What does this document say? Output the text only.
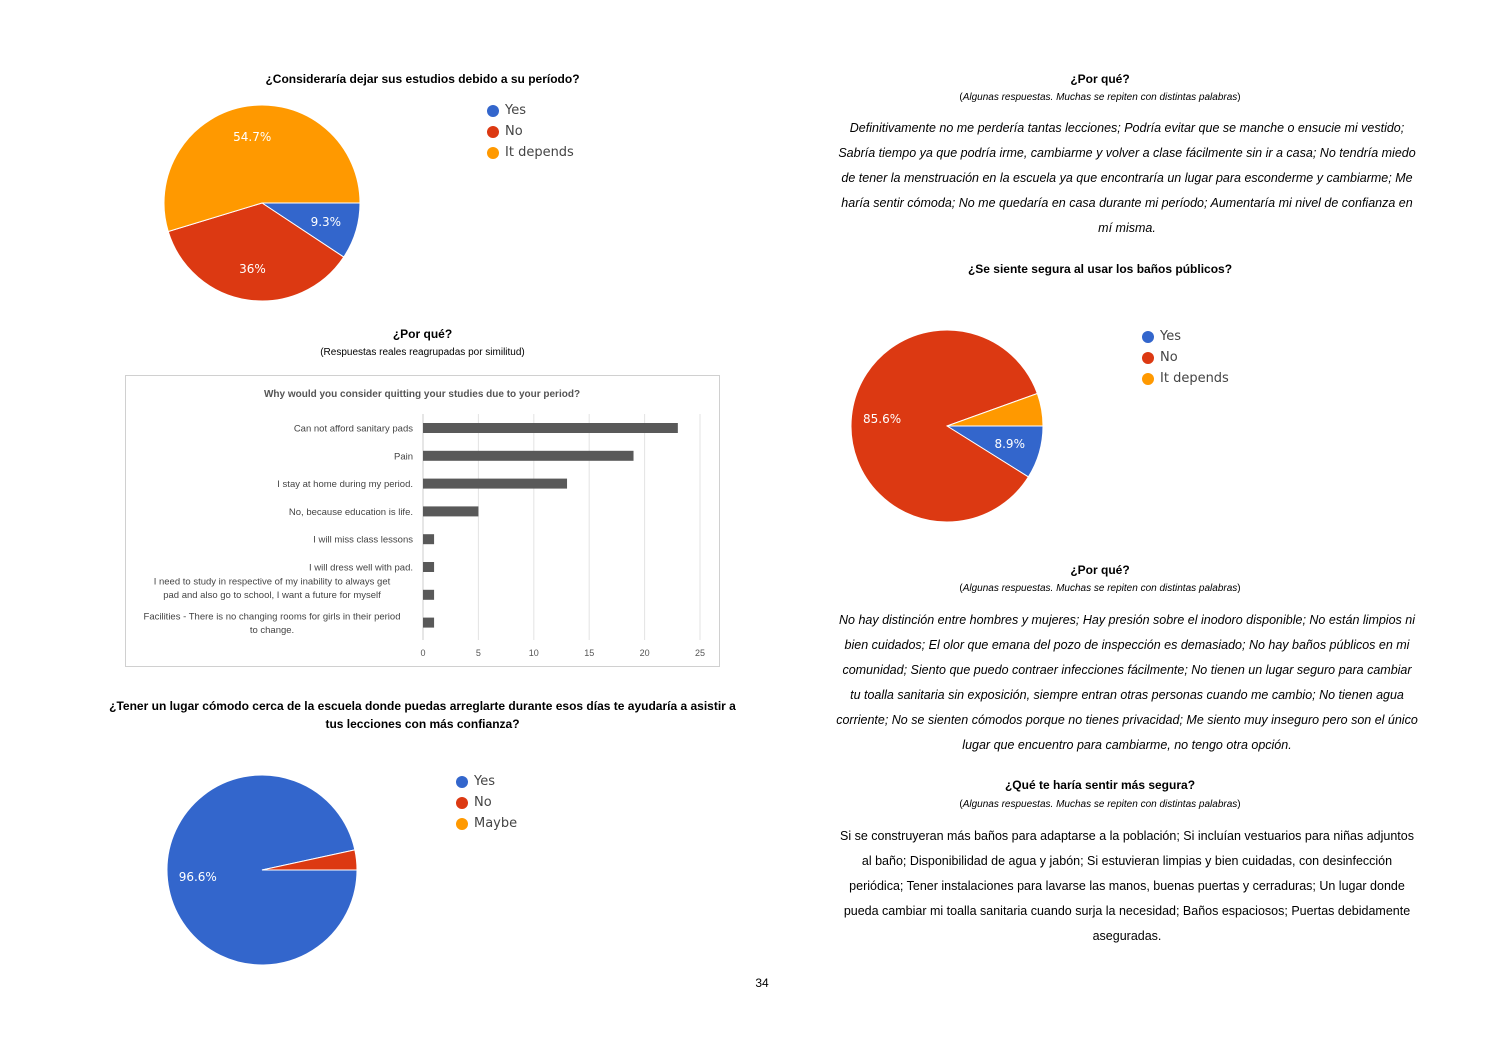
¿Consideraría dejar sus estudios debido a su período?
9.3%
36%
54.7%
Yes
No
It depends
¿Por qué?
(Respuestas reales reagrupadas por similitud)
Why would you consider quitting your studies due to your period?
Can not afford sanitary pads
Pain
I stay at home during my period.
No, because education is life.
I will miss class lessons
I will dress well with pad.
I need to study in respective of my inability to always get pad and also go to school, I want a future for myself
Facilities - There is no changing rooms for girls in their period to change.
0	5	10	15	20	25
¿Tener un lugar cómodo cerca de la escuela donde puedas arreglarte durante esos días te ayudaría a asistir a
tus lecciones con más confianza?
96.6%
Yes
No
Maybe
¿Por qué?
(Algunas respuestas. Muchas se repiten con distintas palabras)
Definitivamente no me perdería tantas lecciones; Podría evitar que se manche o ensucie mi vestido;
Sabría tiempo ya que podría irme, cambiarme y volver a clase fácilmente sin ir a casa; No tendría miedo
de tener la menstruación en la escuela ya que encontraría un lugar para esconderme y cambiarme; Me
haría sentir cómoda; No me quedaría en casa durante mi período; Aumentaría mi nivel de confianza en
mí misma.
¿Se siente segura al usar los baños públicos?
8.9%
85.6%
Yes
No
It depends
¿Por qué?
(Algunas respuestas. Muchas se repiten con distintas palabras)
No hay distinción entre hombres y mujeres; Hay presión sobre el inodoro disponible; No están limpios ni
bien cuidados; El olor que emana del pozo de inspección es demasiado; No hay baños públicos en mi
comunidad; Siento que puedo contraer infecciones fácilmente; No tienen un lugar seguro para cambiar
tu toalla sanitaria sin exposición, siempre entran otras personas cuando me cambio; No tienen agua
corriente; No se sienten cómodos porque no tienes privacidad; Me siento muy inseguro pero son el único
lugar que encuentro para cambiarme, no tengo otra opción.
¿Qué te haría sentir más segura?
(Algunas respuestas. Muchas se repiten con distintas palabras)
Si se construyeran más baños para adaptarse a la población; Si incluían vestuarios para niñas adjuntos
al baño; Disponibilidad de agua y jabón; Si estuvieran limpias y bien cuidadas, con desinfección
periódica; Tener instalaciones para lavarse las manos, buenas puertas y cerraduras; Un lugar donde
pueda cambiar mi toalla sanitaria cuando surja la necesidad; Baños espaciosos; Puertas debidamente
aseguradas.
34
